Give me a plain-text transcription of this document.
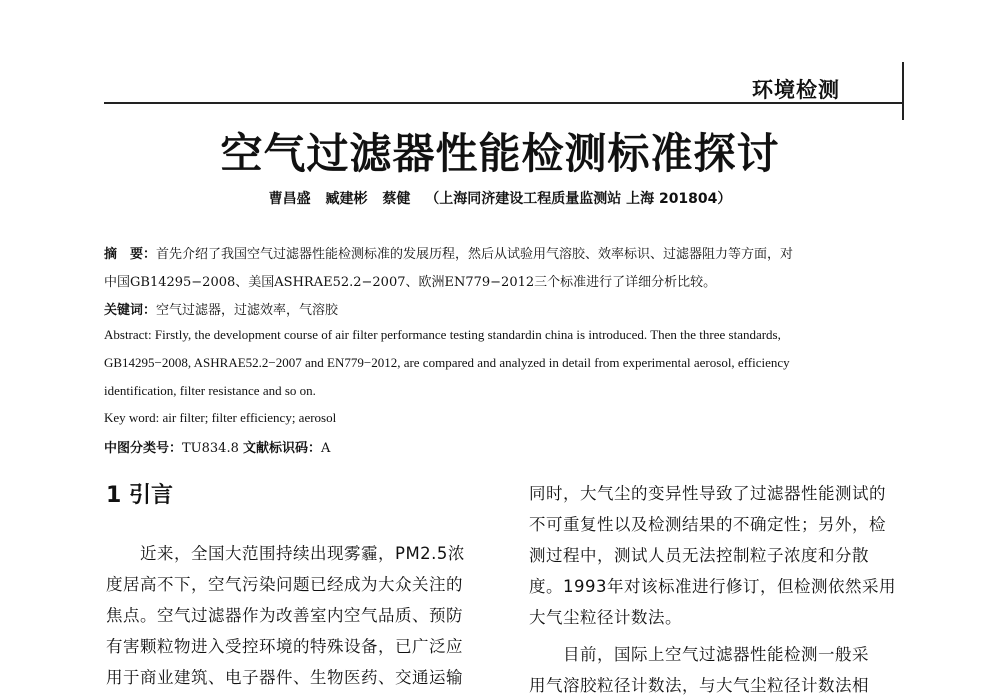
环境检测
空气过滤器性能检测标准探讨
曹昌盛 臧建彬 蔡健 （上海同济建设工程质量监测站 上海 201804）
摘　要：首先介绍了我国空气过滤器性能检测标准的发展历程，然后从试验用气溶胶、效率标识、过滤器阻力等方面，对
中国GB14295−2008、美国ASHRAE52.2−2007、欧洲EN779−2012三个标准进行了详细分析比较。
关键词：空气过滤器，过滤效率，气溶胶
Abstract: Firstly, the development course of air filter performance testing standardin china is introduced. Then the three standards,
GB14295−2008, ASHRAE52.2−2007 and EN779−2012, are compared and analyzed in detail from experimental aerosol, efficiency
identification, filter resistance and so on.
Key word: air filter; filter efficiency; aerosol
中图分类号：TU834.8 文献标识码：A
1 引言
近来，全国大范围持续出现雾霾，PM2.5浓
度居高不下，空气污染问题已经成为大众关注的
焦点。空气过滤器作为改善室内空气品质、预防
有害颗粒物进入受控环境的特殊设备，已广泛应
用于商业建筑、电子器件、生物医药、交通运输
同时，大气尘的变异性导致了过滤器性能测试的
不可重复性以及检测结果的不确定性；另外，检
测过程中，测试人员无法控制粒子浓度和分散
度。1993年对该标准进行修订，但检测依然采用
大气尘粒径计数法。
目前，国际上空气过滤器性能检测一般采
用气溶胶粒径计数法，与大气尘粒径计数法相
